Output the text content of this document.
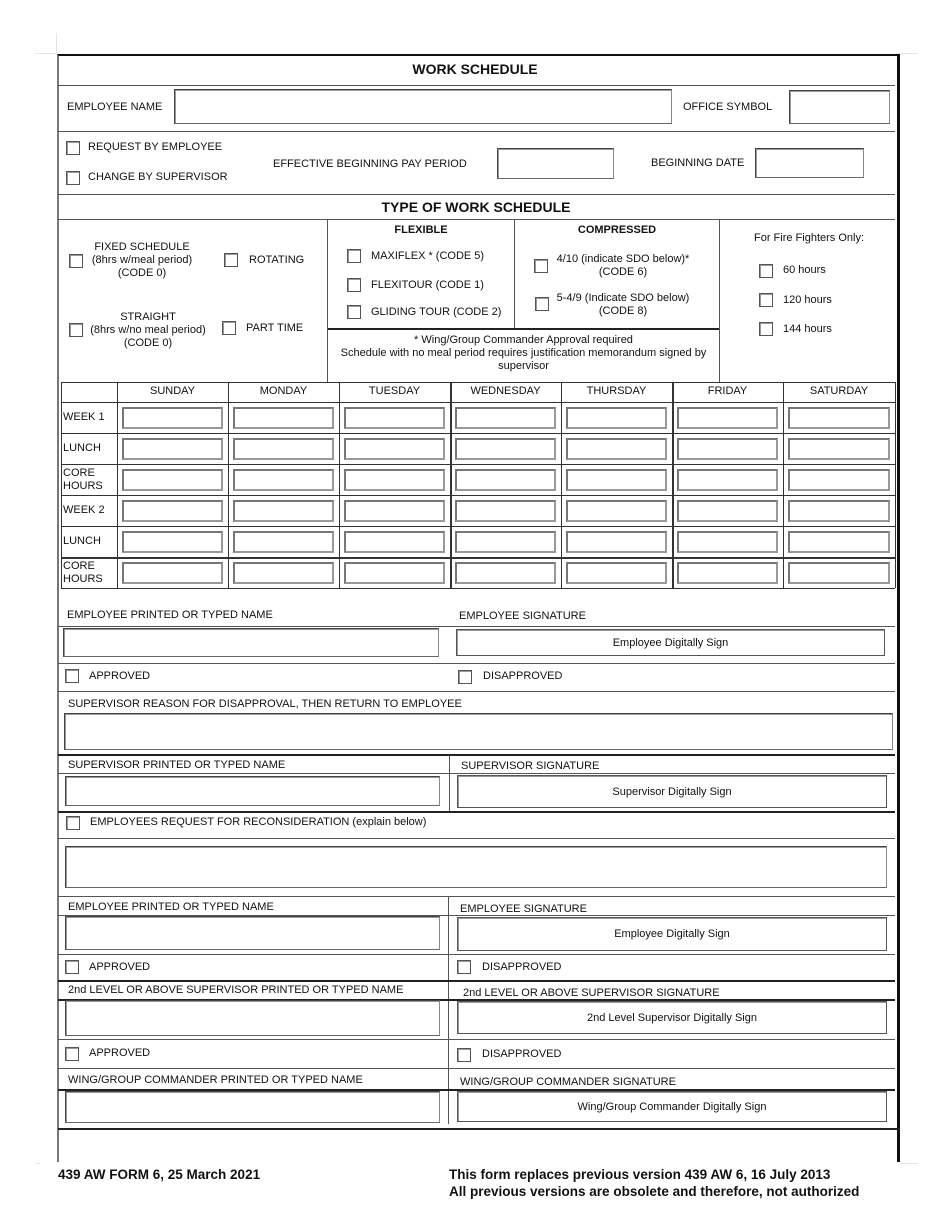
WORK SCHEDULE
EMPLOYEE NAME	OFFICE SYMBOL
REQUEST BY EMPLOYEE
CHANGE BY SUPERVISOR
EFFECTIVE BEGINNING PAY PERIOD	BEGINNING DATE
TYPE OF WORK SCHEDULE
FIXED SCHEDULE
(8hrs w/meal period)
(CODE 0)
ROTATING
STRAIGHT
(8hrs w/no meal period)
(CODE 0)
PART TIME
FLEXIBLE
MAXIFLEX * (CODE 5)
FLEXITOUR (CODE 1)
GLIDING TOUR (CODE 2)
COMPRESSED
4/10 (indicate SDO below)*
(CODE 6)
5-4/9 (Indicate SDO below)
(CODE 8)
* Wing/Group Commander Approval required
Schedule with no meal period requires justification memorandum signed by
supervisor
For Fire Fighters Only:
60 hours
120 hours
144 hours
SUNDAY	MONDAY	TUESDAY	WEDNESDAY	THURSDAY	FRIDAY	SATURDAY
WEEK 1
LUNCH
CORE
HOURS
WEEK 2
LUNCH
CORE
HOURS
EMPLOYEE PRINTED OR TYPED NAME	EMPLOYEE SIGNATURE
Employee Digitally Sign
APPROVED	DISAPPROVED
SUPERVISOR REASON FOR DISAPPROVAL, THEN RETURN TO EMPLOYEE
SUPERVISOR PRINTED OR TYPED NAME	SUPERVISOR SIGNATURE
Supervisor Digitally Sign
EMPLOYEES REQUEST FOR RECONSIDERATION (explain below)
EMPLOYEE PRINTED OR TYPED NAME	EMPLOYEE SIGNATURE
Employee Digitally Sign
APPROVED	DISAPPROVED
2nd LEVEL OR ABOVE SUPERVISOR PRINTED OR TYPED NAME	2nd LEVEL OR ABOVE SUPERVISOR SIGNATURE
2nd Level Supervisor Digitally Sign
APPROVED	DISAPPROVED
WING/GROUP COMMANDER PRINTED OR TYPED NAME	WING/GROUP COMMANDER SIGNATURE
Wing/Group Commander Digitally Sign
439 AW FORM 6, 25 March 2021	This form replaces previous version 439 AW 6, 16 July 2013
All previous versions are obsolete and therefore, not authorized
